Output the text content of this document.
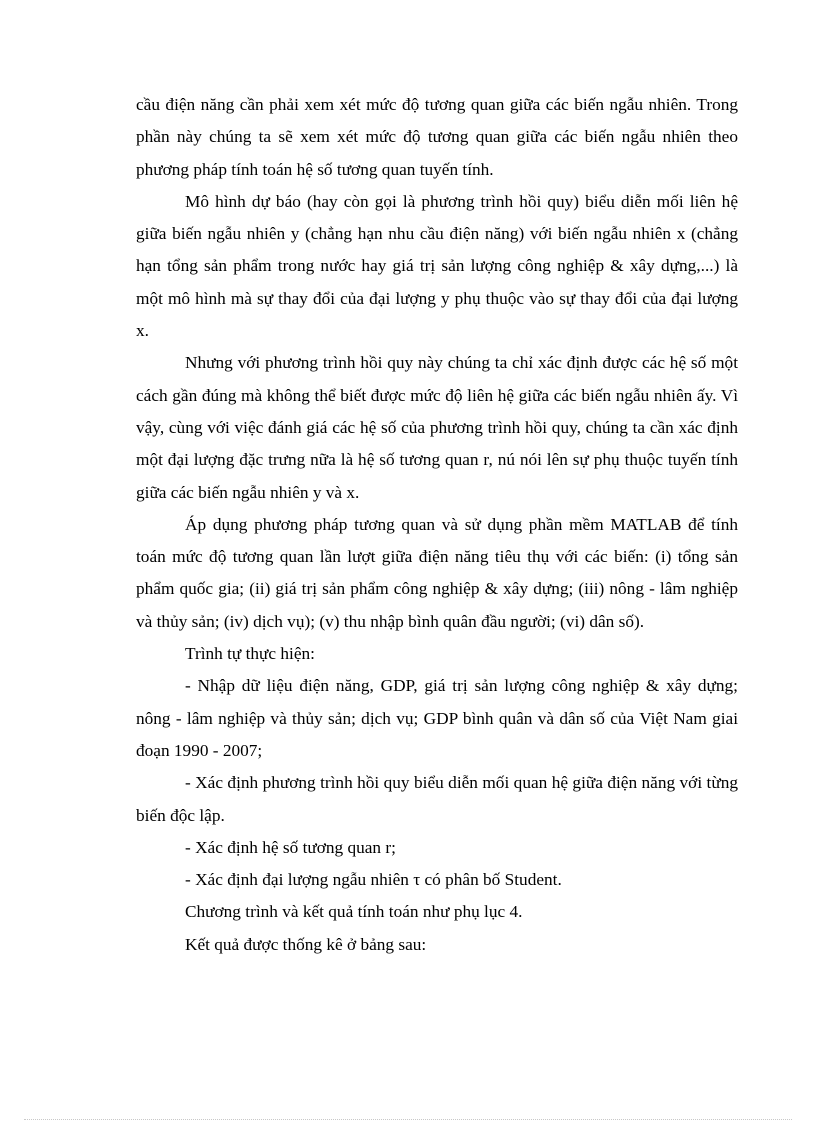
cầu điện năng cần phải xem xét mức độ tương quan giữa các biến ngẫu nhiên. Trong phần này chúng ta sẽ xem xét mức độ tương quan giữa các biến ngẫu nhiên theo phương pháp tính toán hệ số tương quan tuyến tính.

Mô hình dự báo (hay còn gọi là phương trình hồi quy) biểu diễn mối liên hệ giữa biến ngẫu nhiên y (chẳng hạn nhu cầu điện năng) với biến ngẫu nhiên x (chẳng hạn tổng sản phẩm trong nước hay giá trị sản lượng công nghiệp & xây dựng,...) là một mô hình mà sự thay đổi của đại lượng y phụ thuộc vào sự thay đổi của đại lượng x.

Nhưng với phương trình hồi quy này chúng ta chỉ xác định được các hệ số một cách gần đúng mà không thể biết được mức độ liên hệ giữa các biến ngẫu nhiên ấy. Vì vậy, cùng với việc đánh giá các hệ số của phương trình hồi quy, chúng ta cần xác định một đại lượng đặc trưng nữa là hệ số tương quan r, nú nói lên sự phụ thuộc tuyến tính giữa các biến ngẫu nhiên y và x.

Áp dụng phương pháp tương quan và sử dụng phần mềm MATLAB để tính toán mức độ tương quan lần lượt giữa điện năng tiêu thụ với các biến: (i) tổng sản phẩm quốc gia; (ii) giá trị sản phẩm công nghiệp & xây dựng; (iii) nông - lâm nghiệp và thủy sản; (iv) dịch vụ); (v) thu nhập bình quân đầu người; (vi) dân số).

Trình tự thực hiện:

- Nhập dữ liệu điện năng, GDP, giá trị sản lượng công nghiệp & xây dựng; nông - lâm nghiệp và thủy sản; dịch vụ; GDP bình quân và dân số của Việt Nam giai đoạn 1990 - 2007;

- Xác định phương trình hồi quy biểu diễn mối quan hệ giữa điện năng với từng biến độc lập.

- Xác định hệ số tương quan r;

- Xác định đại lượng ngẫu nhiên τ có phân bố Student.

Chương trình và kết quả tính toán như phụ lục 4.

Kết quả được thống kê ở bảng sau:
